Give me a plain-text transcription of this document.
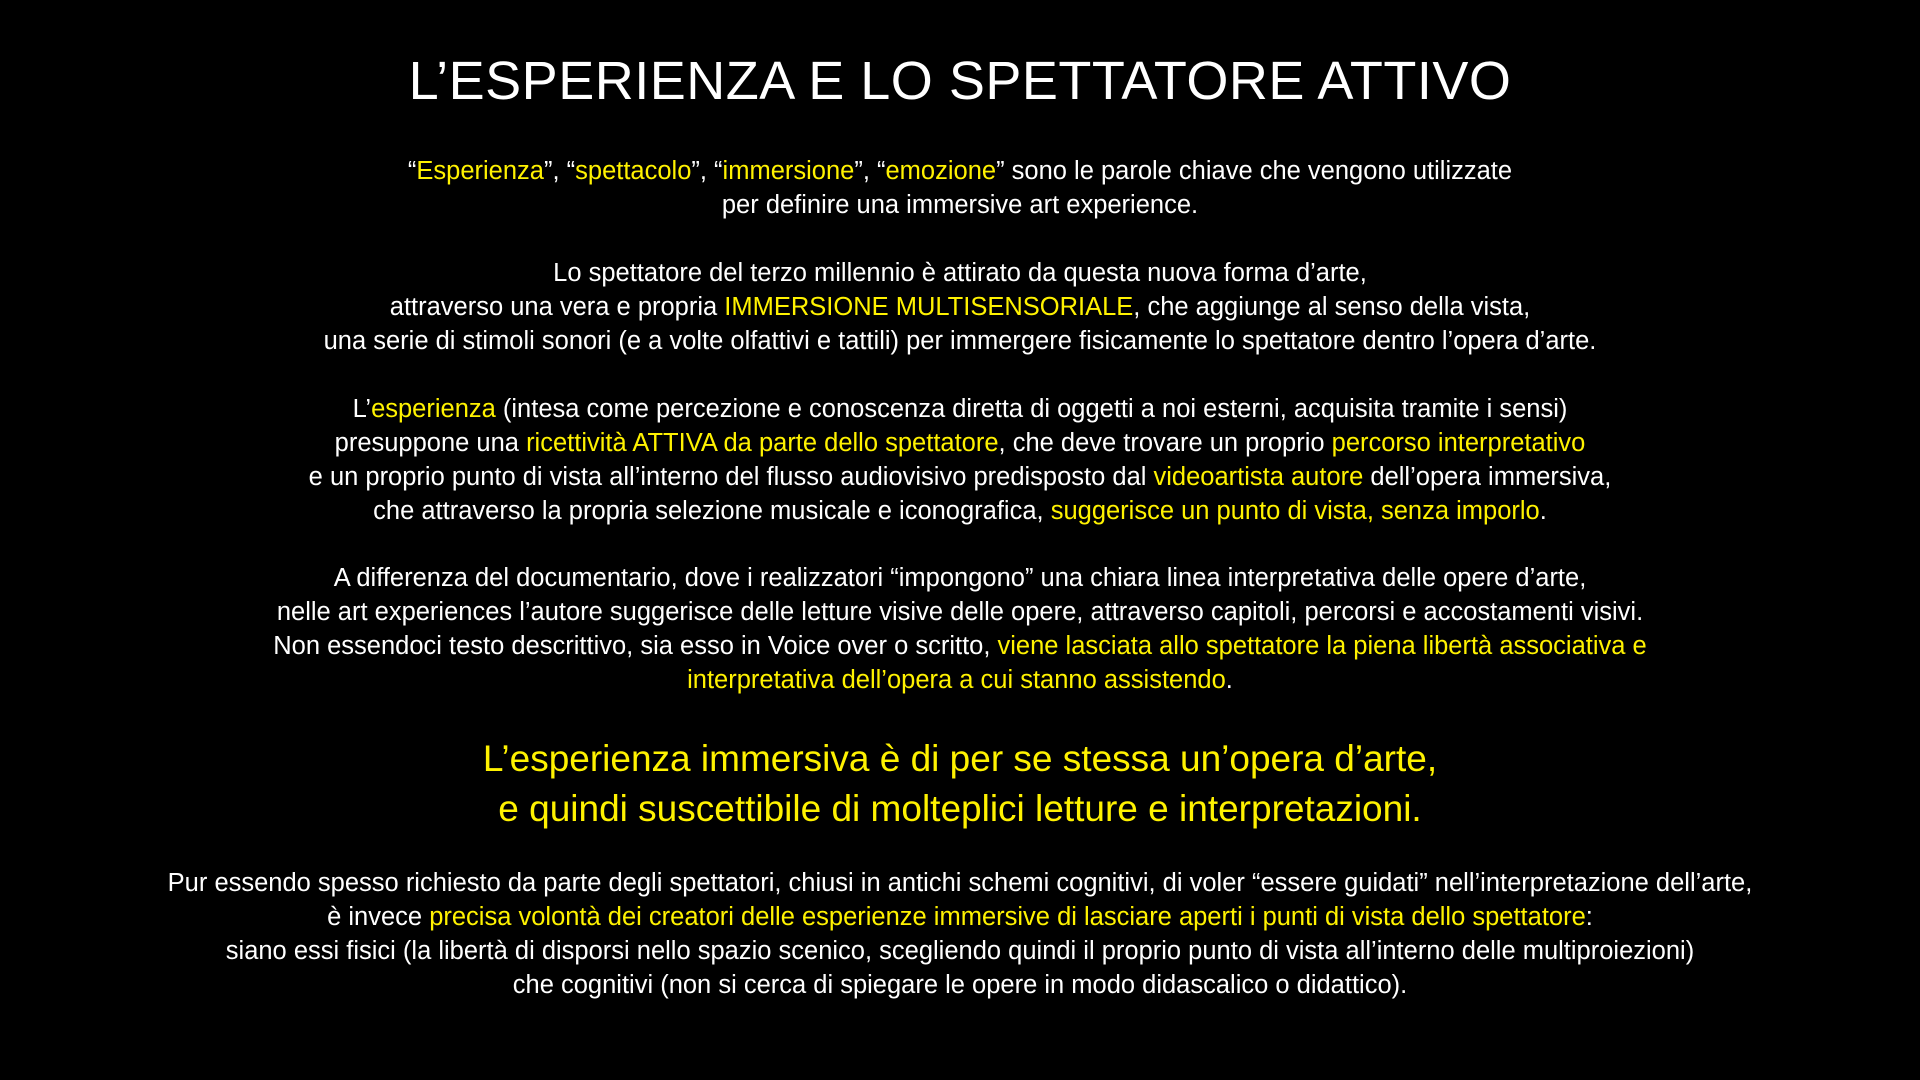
L’ESPERIENZA E LO SPETTATORE ATTIVO
“Esperienza”, “spettacolo”, “immersione”, “emozione” sono le parole chiave che vengono utilizzate
per definire una immersive art experience.
Lo spettatore del terzo millennio è attirato da questa nuova forma d’arte,
attraverso una vera e propria IMMERSIONE MULTISENSORIALE, che aggiunge al senso della vista,
una serie di stimoli sonori (e a volte olfattivi e tattili) per immergere fisicamente lo spettatore dentro l’opera d’arte.
L’esperienza (intesa come percezione e conoscenza diretta di oggetti a noi esterni, acquisita tramite i sensi)
presuppone una ricettività ATTIVA da parte dello spettatore, che deve trovare un proprio percorso interpretativo
e un proprio punto di vista all’interno del flusso audiovisivo predisposto dal videoartista autore dell’opera immersiva,
che attraverso la propria selezione musicale e iconografica, suggerisce un punto di vista, senza imporlo.
A differenza del documentario, dove i realizzatori “impongono” una chiara linea interpretativa delle opere d’arte,
nelle art experiences l’autore suggerisce delle letture visive delle opere, attraverso capitoli, percorsi e accostamenti visivi.
Non essendoci testo descrittivo, sia esso in Voice over o scritto, viene lasciata allo spettatore la piena libertà associativa e
interpretativa dell’opera a cui stanno assistendo.
L’esperienza immersiva è di per se stessa un’opera d’arte,
e quindi suscettibile di molteplici letture e interpretazioni.
Pur essendo spesso richiesto da parte degli spettatori, chiusi in antichi schemi cognitivi, di voler “essere guidati” nell’interpretazione dell’arte,
è invece precisa volontà dei creatori delle esperienze immersive di lasciare aperti i punti di vista dello spettatore:
siano essi fisici (la libertà di disporsi nello spazio scenico, scegliendo quindi il proprio punto di vista all’interno delle multiproiezioni)
che cognitivi (non si cerca di spiegare le opere in modo didascalico o didattico).
